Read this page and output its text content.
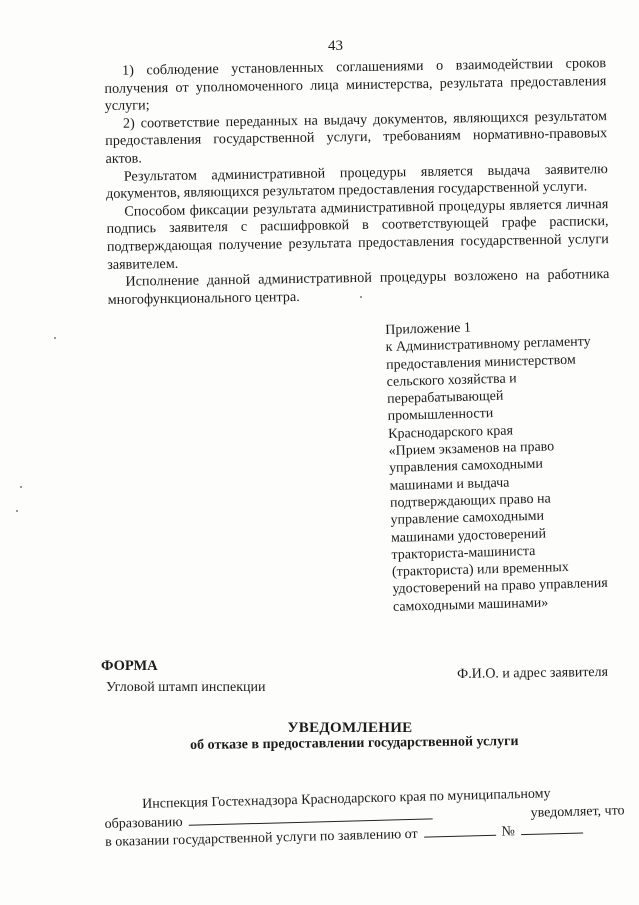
43

1) соблюдение установленных соглашениями о взаимодействии сроков получения от уполномоченного лица министерства, результата предоставления услуги;

2) соответствие переданных на выдачу документов, являющихся результатом предоставления государственной услуги, требованиям нормативно-правовых актов.

Результатом административной процедуры является выдача заявителю документов, являющихся результатом предоставления государственной услуги.

Способом фиксации результата административной процедуры является личная подпись заявителя с расшифровкой в соответствующей графе расписки, подтверждающая получение результата предоставления государственной услуги заявителем.

Исполнение данной административной процедуры возложено на работника многофункционального центра.

Приложение 1
к Административному регламенту
предоставления министерством
сельского хозяйства и
перерабатывающей
промышленности
Краснодарского края
«Прием экзаменов на право
управления самоходными
машинами и выдача
подтверждающих право на
управление самоходными
машинами удостоверений
тракториста-машиниста
(тракториста) или временных
удостоверений на право управления
самоходными машинами»
ФОРМА
Угловой штамп инспекции
Ф.И.О. и адрес заявителя
УВЕДОМЛЕНИЕ
об отказе в предоставлении государственной услуги
Инспекция Гостехнадзора Краснодарского края по муниципальному
образованию
уведомляет, что
в оказании государственной услуги по заявлению от	№
